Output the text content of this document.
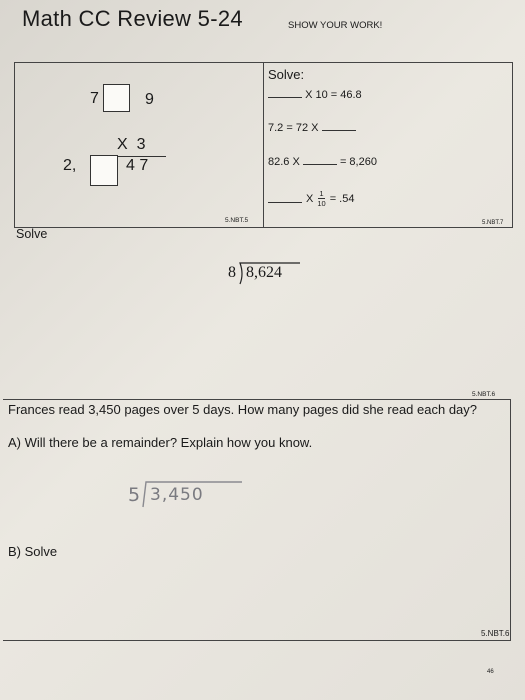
Math CC Review 5-24	SHOW YOUR WORK!
7	9
X  3
2,	4 7
5.NBT.5
Solve:
X 10 = 46.8
7.2 = 72 X
82.6 X	= 8,260
X $\frac{1}{10} = .54$
5.NBT.7
Solve
8 8,624
5.NBT.6
Frances read 3,450 pages over 5 days. How many pages did she read each day?
A) Will there be a remainder? Explain how you know.
5 3,450
B) Solve
5.NBT.6
46
